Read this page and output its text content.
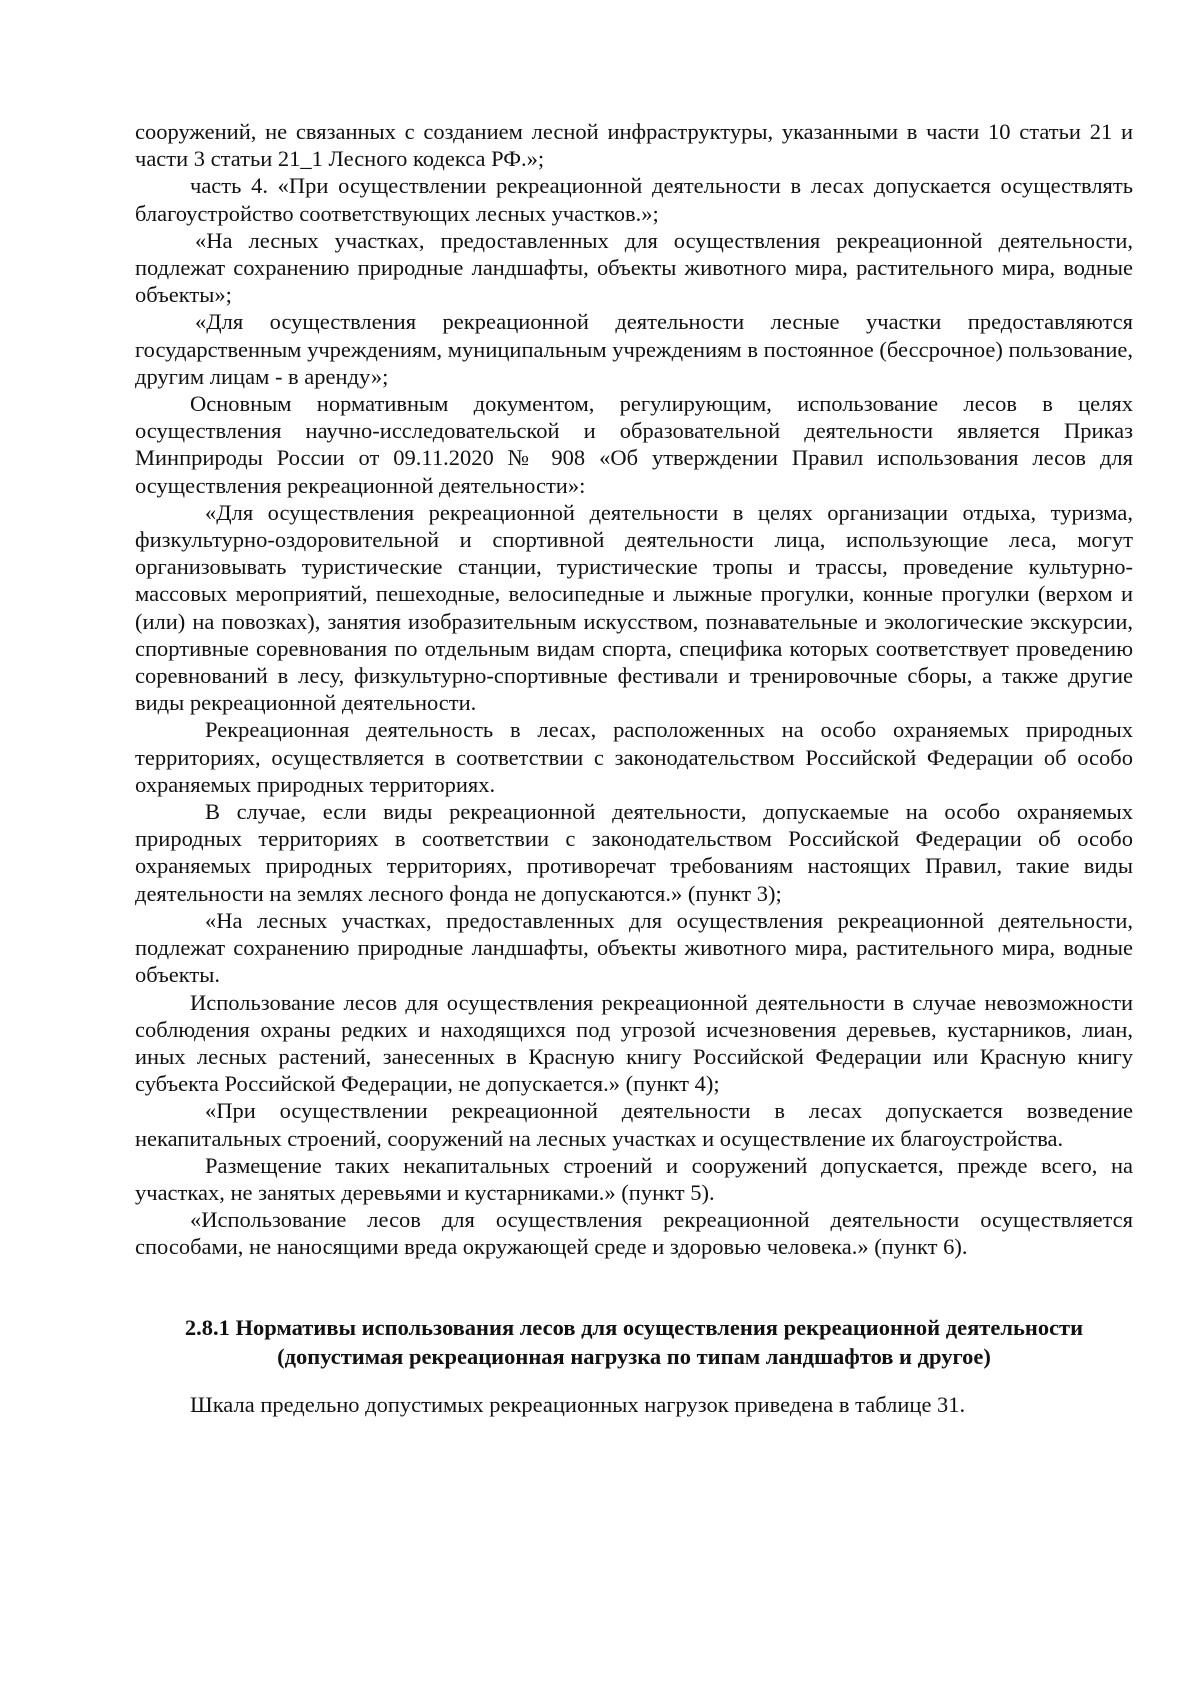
сооружений, не связанных с созданием лесной инфраструктуры, указанными в части 10 статьи 21 и части 3 статьи 21_1 Лесного кодекса РФ.»;

часть 4. «При осуществлении рекреационной деятельности в лесах допускается осуществлять благоустройство соответствующих лесных участков.»;

«На лесных участках, предоставленных для осуществления рекреационной деятельности, подлежат сохранению природные ландшафты, объекты животного мира, растительного мира, водные объекты»;

«Для осуществления рекреационной деятельности лесные участки предоставляются государственным учреждениям, муниципальным учреждениям в постоянное (бессрочное) пользование, другим лицам - в аренду»;

Основным нормативным документом, регулирующим, использование лесов в целях осуществления научно-исследовательской и образовательной деятельности является Приказ Минприроды России от 09.11.2020 № 908 «Об утверждении Правил использования лесов для осуществления рекреационной деятельности»:

«Для осуществления рекреационной деятельности в целях организации отдыха, туризма, физкультурно-оздоровительной и спортивной деятельности лица, использующие леса, могут организовывать туристические станции, туристические тропы и трассы, проведение культурно-массовых мероприятий, пешеходные, велосипедные и лыжные прогулки, конные прогулки (верхом и (или) на повозках), занятия изобразительным искусством, познавательные и экологические экскурсии, спортивные соревнования по отдельным видам спорта, специфика которых соответствует проведению соревнований в лесу, физкультурно-спортивные фестивали и тренировочные сборы, а также другие виды рекреационной деятельности.

Рекреационная деятельность в лесах, расположенных на особо охраняемых природных территориях, осуществляется в соответствии с законодательством Российской Федерации об особо охраняемых природных территориях.

В случае, если виды рекреационной деятельности, допускаемые на особо охраняемых природных территориях в соответствии с законодательством Российской Федерации об особо охраняемых природных территориях, противоречат требованиям настоящих Правил, такие виды деятельности на землях лесного фонда не допускаются.» (пункт 3);

«На лесных участках, предоставленных для осуществления рекреационной деятельности, подлежат сохранению природные ландшафты, объекты животного мира, растительного мира, водные объекты.

Использование лесов для осуществления рекреационной деятельности в случае невозможности соблюдения охраны редких и находящихся под угрозой исчезновения деревьев, кустарников, лиан, иных лесных растений, занесенных в Красную книгу Российской Федерации или Красную книгу субъекта Российской Федерации, не допускается.» (пункт 4);

«При осуществлении рекреационной деятельности в лесах допускается возведение некапитальных строений, сооружений на лесных участках и осуществление их благоустройства.

Размещение таких некапитальных строений и сооружений допускается, прежде всего, на участках, не занятых деревьями и кустарниками.» (пункт 5).

«Использование лесов для осуществления рекреационной деятельности осуществляется способами, не наносящими вреда окружающей среде и здоровью человека.» (пункт 6).

2.8.1 Нормативы использования лесов для осуществления рекреационной деятельности
(допустимая рекреационная нагрузка по типам ландшафтов и другое)

Шкала предельно допустимых рекреационных нагрузок приведена в таблице 31.
